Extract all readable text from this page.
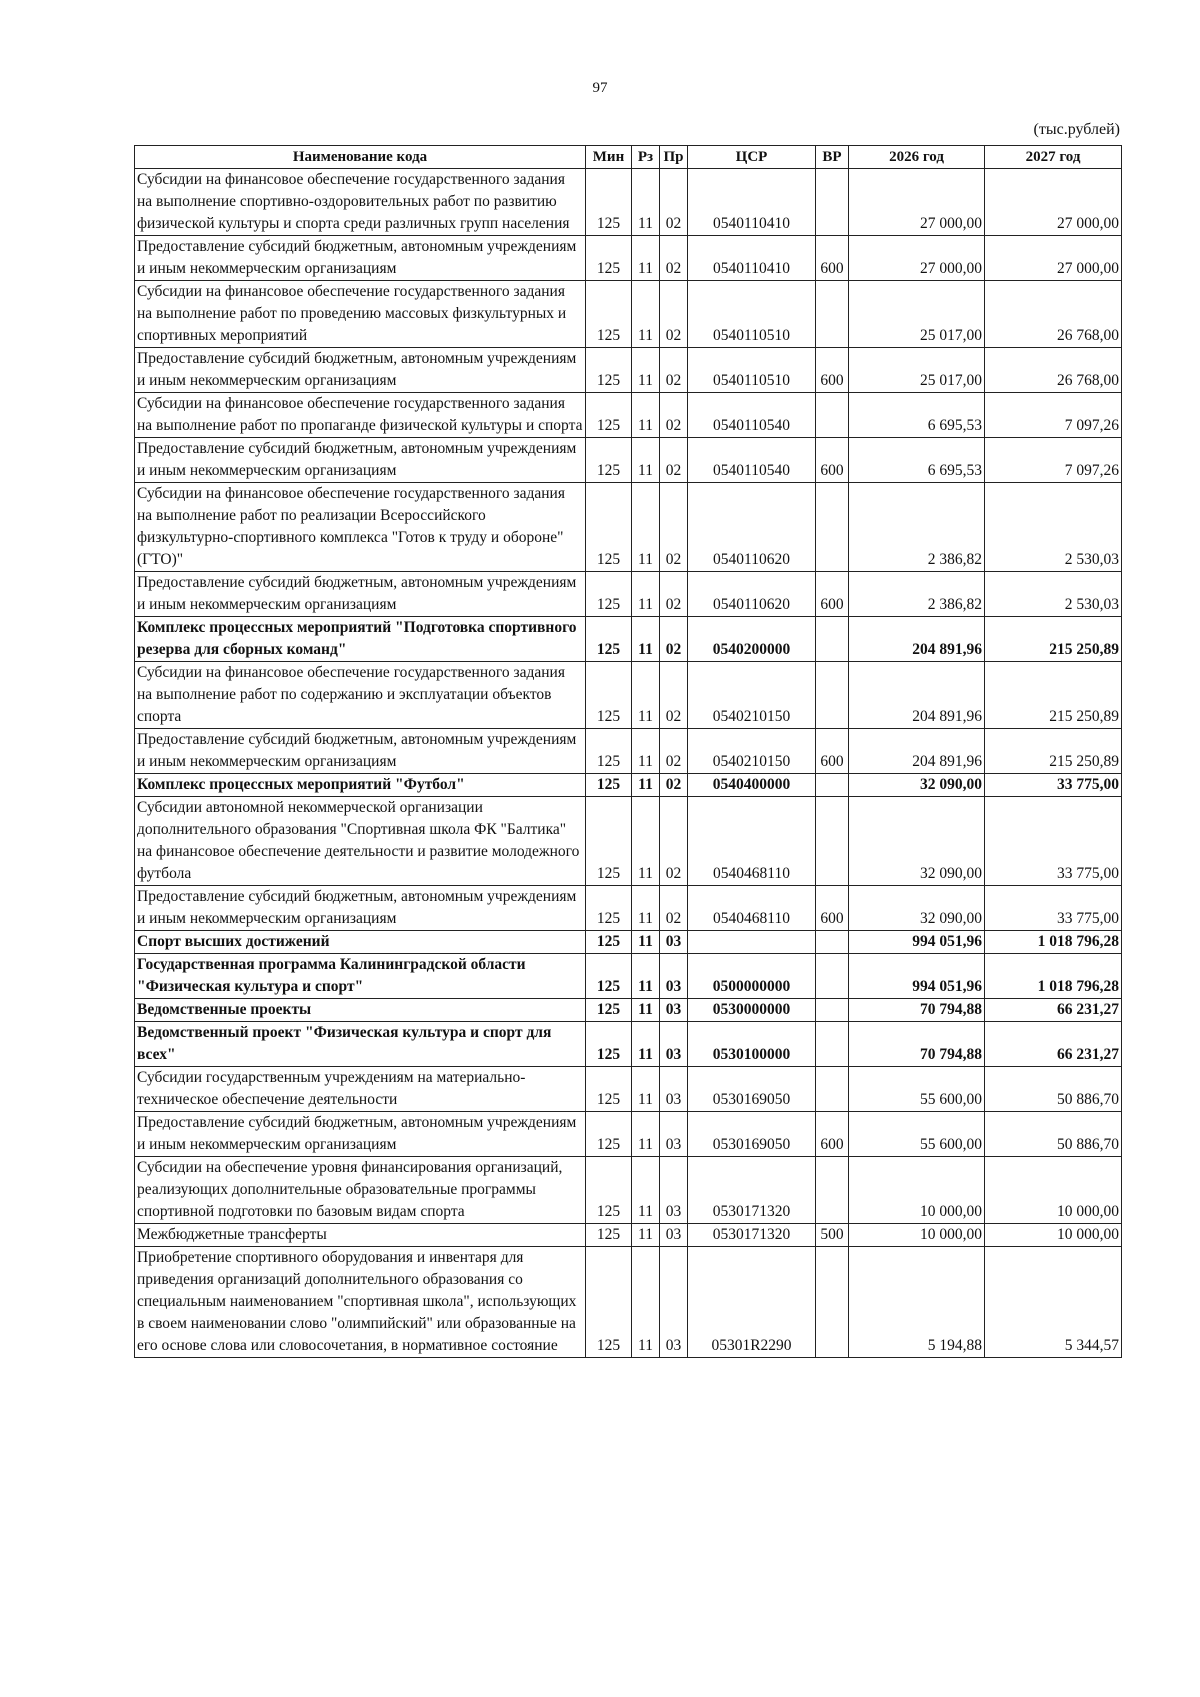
97
(тыс.рублей)
Наименование кода	Мин	Рз	Пр	ЦСР	ВР	2026 год	2027 год
Субсидии на финансовое обеспечение государственного задания на выполнение спортивно-оздоровительных работ по развитию физической культуры и спорта среди различных групп населения	125	11	02	0540110410		27 000,00	27 000,00
Предоставление субсидий бюджетным, автономным учреждениям и иным некоммерческим организациям	125	11	02	0540110410	600	27 000,00	27 000,00
Субсидии на финансовое обеспечение государственного задания на выполнение работ по проведению массовых физкультурных и спортивных мероприятий	125	11	02	0540110510		25 017,00	26 768,00
Предоставление субсидий бюджетным, автономным учреждениям и иным некоммерческим организациям	125	11	02	0540110510	600	25 017,00	26 768,00
Субсидии на финансовое обеспечение государственного задания на выполнение работ по пропаганде физической культуры и спорта	125	11	02	0540110540		6 695,53	7 097,26
Предоставление субсидий бюджетным, автономным учреждениям и иным некоммерческим организациям	125	11	02	0540110540	600	6 695,53	7 097,26
Субсидии на финансовое обеспечение государственного задания на выполнение работ по реализации Всероссийского физкультурно-спортивного комплекса "Готов к труду и обороне" (ГТО)"	125	11	02	0540110620		2 386,82	2 530,03
Предоставление субсидий бюджетным, автономным учреждениям и иным некоммерческим организациям	125	11	02	0540110620	600	2 386,82	2 530,03
Комплекс процессных мероприятий "Подготовка спортивного резерва для сборных команд"	125	11	02	0540200000		204 891,96	215 250,89
Субсидии на финансовое обеспечение государственного задания на выполнение работ по содержанию и эксплуатации объектов спорта	125	11	02	0540210150		204 891,96	215 250,89
Предоставление субсидий бюджетным, автономным учреждениям и иным некоммерческим организациям	125	11	02	0540210150	600	204 891,96	215 250,89
Комплекс процессных мероприятий "Футбол"	125	11	02	0540400000		32 090,00	33 775,00
Субсидии автономной некоммерческой организации дополнительного образования "Спортивная школа ФК "Балтика" на финансовое обеспечение деятельности и развитие молодежного футбола	125	11	02	0540468110		32 090,00	33 775,00
Предоставление субсидий бюджетным, автономным учреждениям и иным некоммерческим организациям	125	11	02	0540468110	600	32 090,00	33 775,00
Спорт высших достижений	125	11	03			994 051,96	1 018 796,28
Государственная программа Калининградской области "Физическая культура и спорт"	125	11	03	0500000000		994 051,96	1 018 796,28
Ведомственные проекты	125	11	03	0530000000		70 794,88	66 231,27
Ведомственный проект "Физическая культура и спорт для всех"	125	11	03	0530100000		70 794,88	66 231,27
Субсидии государственным учреждениям на материально-техническое обеспечение деятельности	125	11	03	0530169050		55 600,00	50 886,70
Предоставление субсидий бюджетным, автономным учреждениям и иным некоммерческим организациям	125	11	03	0530169050	600	55 600,00	50 886,70
Субсидии на обеспечение уровня финансирования организаций, реализующих дополнительные образовательные программы спортивной подготовки по базовым видам спорта	125	11	03	0530171320		10 000,00	10 000,00
Межбюджетные трансферты	125	11	03	0530171320	500	10 000,00	10 000,00
Приобретение спортивного оборудования и инвентаря для приведения организаций дополнительного образования со специальным наименованием "спортивная школа", использующих в своем наименовании слово "олимпийский" или образованные на его основе слова или словосочетания, в нормативное состояние	125	11	03	05301R2290		5 194,88	5 344,57
